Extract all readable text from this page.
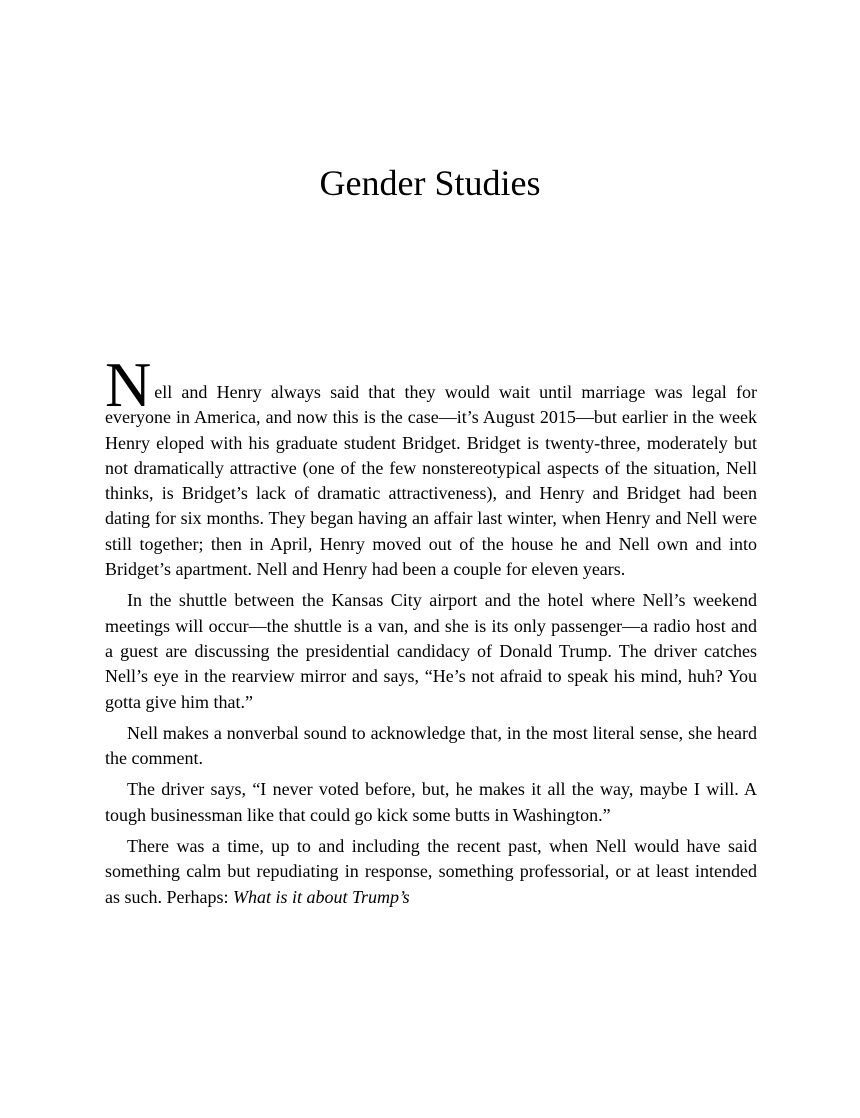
Gender Studies

Nell and Henry always said that they would wait until marriage was legal for everyone in America, and now this is the case—it’s August 2015—but earlier in the week Henry eloped with his graduate student Bridget. Bridget is twenty-three, moderately but not dramatically attractive (one of the few nonstereotypical aspects of the situation, Nell thinks, is Bridget’s lack of dramatic attractiveness), and Henry and Bridget had been dating for six months. They began having an affair last winter, when Henry and Nell were still together; then in April, Henry moved out of the house he and Nell own and into Bridget’s apartment. Nell and Henry had been a couple for eleven years.

In the shuttle between the Kansas City airport and the hotel where Nell’s weekend meetings will occur—the shuttle is a van, and she is its only passenger—a radio host and a guest are discussing the presidential candidacy of Donald Trump. The driver catches Nell’s eye in the rearview mirror and says, “He’s not afraid to speak his mind, huh? You gotta give him that.”

Nell makes a nonverbal sound to acknowledge that, in the most literal sense, she heard the comment.

The driver says, “I never voted before, but, he makes it all the way, maybe I will. A tough businessman like that could go kick some butts in Washington.”

There was a time, up to and including the recent past, when Nell would have said something calm but repudiating in response, something professorial, or at least intended as such. Perhaps: What is it about Trump’s
